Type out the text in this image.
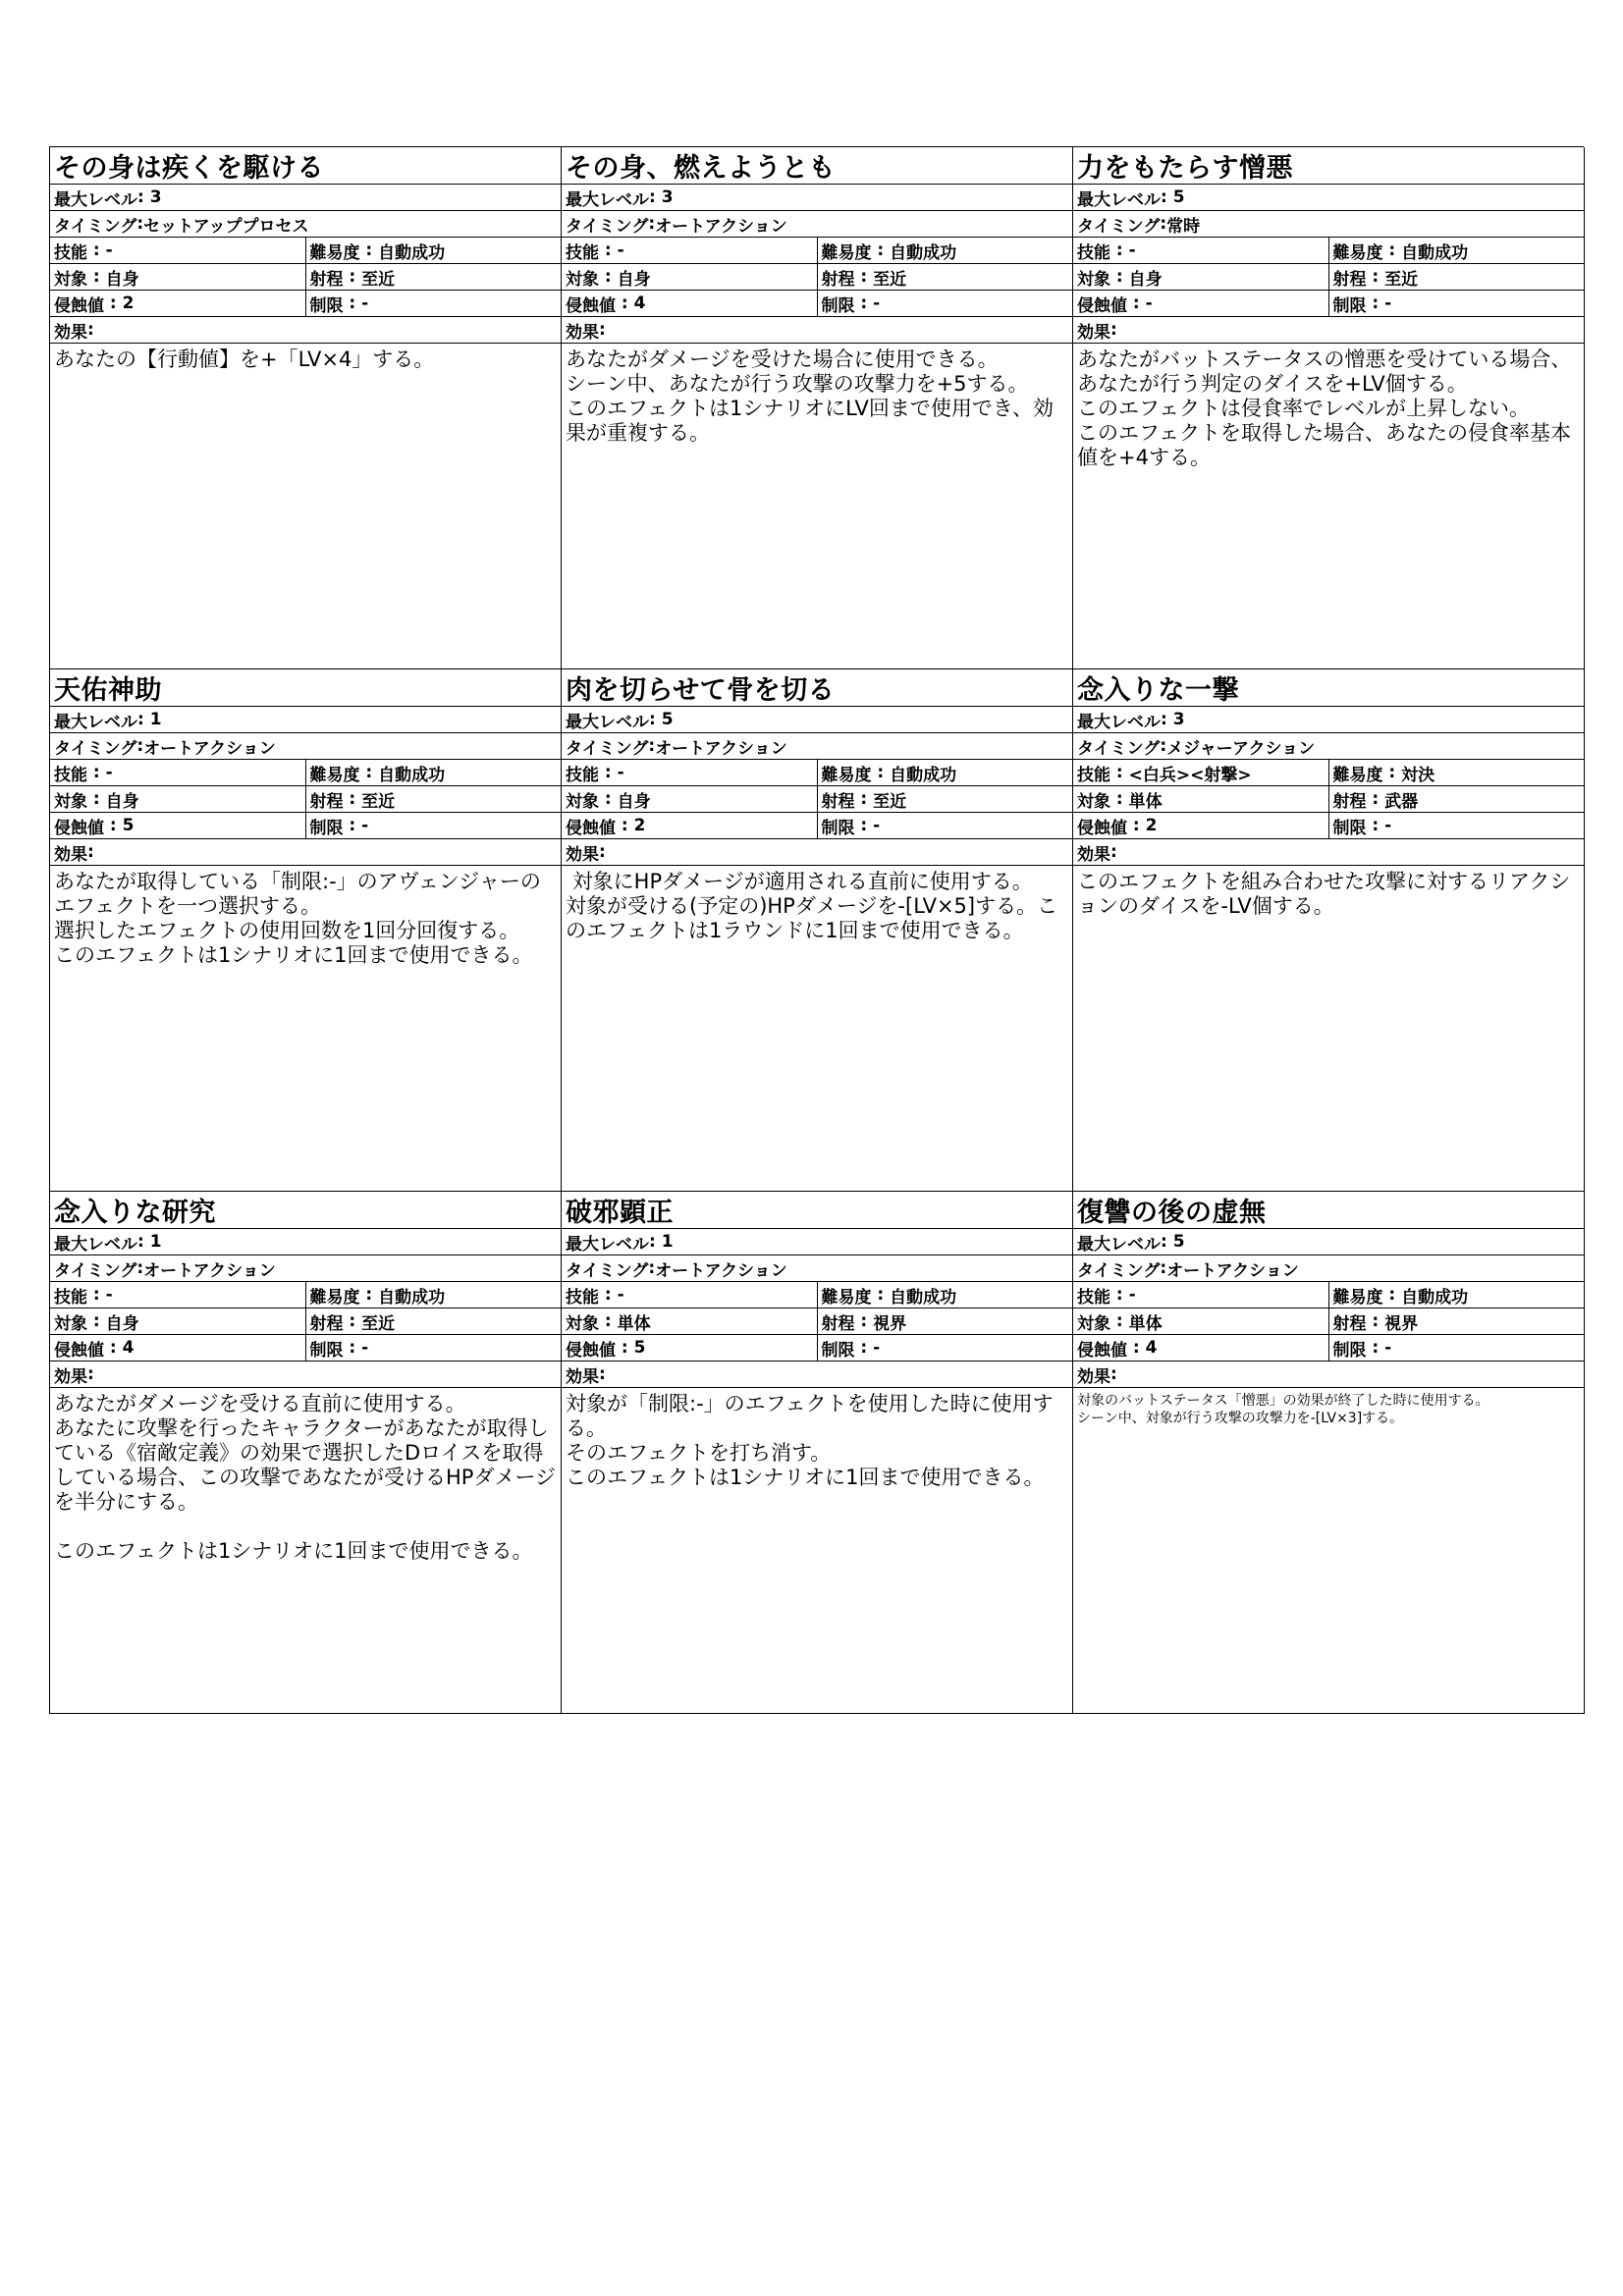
その身は疾くを駆ける
最大レベル : 3
タイミング : セットアッププロセス
技能 : -	難易度 : 自動成功
対象 : 自身	射程 : 至近
侵蝕値 : 2	制限 : -
効果 :
あなたの【行動値】を+「LV×4」する。
その身、燃えようとも
最大レベル : 3
タイミング : オートアクション
技能 : -	難易度 : 自動成功
対象 : 自身	射程 : 至近
侵蝕値 : 4	制限 : -
効果 :
あなたがダメージを受けた場合に使用できる。
シーン中、あなたが行う攻撃の攻撃力を+5する。
このエフェクトは1シナリオにLV回まで使用でき、効果が重複する。
力をもたらす憎悪
最大レベル : 5
タイミング : 常時
技能 : -	難易度 : 自動成功
対象 : 自身	射程 : 至近
侵蝕値 : -	制限 : -
効果 :
あなたがバットステータスの憎悪を受けている場合、あなたが行う判定のダイスを+LV個する。
このエフェクトは侵食率でレベルが上昇しない。
このエフェクトを取得した場合、あなたの侵食率基本値を+4する。
天佑神助
最大レベル : 1
タイミング : オートアクション
技能 : -	難易度 : 自動成功
対象 : 自身	射程 : 至近
侵蝕値 : 5	制限 : -
効果 :
あなたが取得している「制限:-」のアヴェンジャーのエフェクトを一つ選択する。
選択したエフェクトの使用回数を1回分回復する。
このエフェクトは1シナリオに1回まで使用できる。
肉を切らせて骨を切る
最大レベル : 5
タイミング : オートアクション
技能 : -	難易度 : 自動成功
対象 : 自身	射程 : 至近
侵蝕値 : 2	制限 : -
効果 :
対象にHPダメージが適用される直前に使用する。
対象が受ける(予定の)HPダメージを-[LV×5]する。このエフェクトは1ラウンドに1回まで使用できる。
念入りな一撃
最大レベル : 3
タイミング : メジャーアクション
技能 : <白兵><射撃>	難易度 : 対決
対象 : 単体	射程 : 武器
侵蝕値 : 2	制限 : -
効果 :
このエフェクトを組み合わせた攻撃に対するリアクションのダイスを-LV個する。
念入りな研究
最大レベル : 1
タイミング : オートアクション
技能 : -	難易度 : 自動成功
対象 : 自身	射程 : 至近
侵蝕値 : 4	制限 : -
効果 :
あなたがダメージを受ける直前に使用する。
あなたに攻撃を行ったキャラクターがあなたが取得している《宿敵定義》の効果で選択したDロイスを取得している場合、この攻撃であなたが受けるHPダメージを半分にする。

このエフェクトは1シナリオに1回まで使用できる。
破邪顕正
最大レベル : 1
タイミング : オートアクション
技能 : -	難易度 : 自動成功
対象 : 単体	射程 : 視界
侵蝕値 : 5	制限 : -
効果 :
対象が「制限:-」のエフェクトを使用した時に使用する。
そのエフェクトを打ち消す。
このエフェクトは1シナリオに1回まで使用できる。
復讐の後の虚無
最大レベル : 5
タイミング : オートアクション
技能 : -	難易度 : 自動成功
対象 : 単体	射程 : 視界
侵蝕値 : 4	制限 : -
効果 :
対象のバットステータス「憎悪」の効果が終了した時に使用する。
シーン中、対象が行う攻撃の攻撃力を-[LV×3]する。
